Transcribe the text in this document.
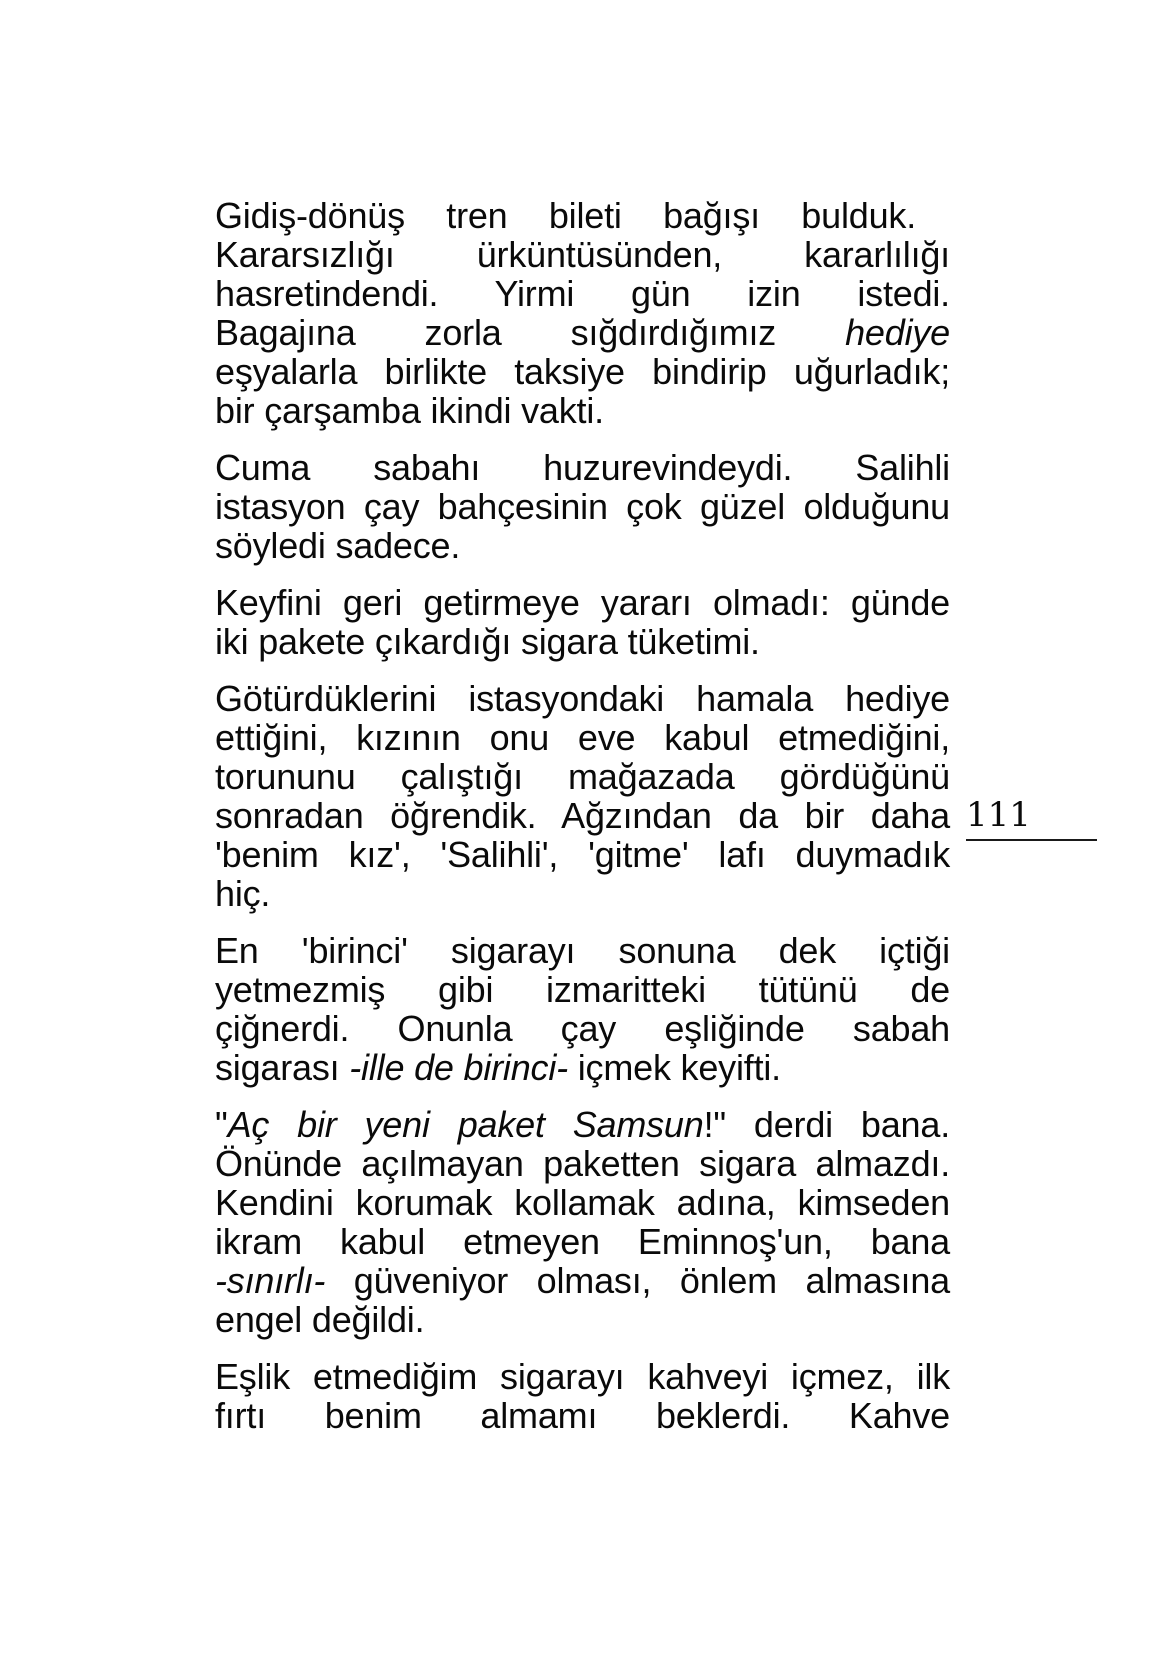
Gidiş-dönüş tren bileti bağışı bulduk.
Kararsızlığı ürküntüsünden, kararlılığı
hasretindendi. Yirmi gün izin istedi.
Bagajına zorla sığdırdığımız hediye
eşyalarla birlikte taksiye bindirip uğurladık;
bir çarşamba ikindi vakti.
Cuma sabahı huzurevindeydi. Salihli
istasyon çay bahçesinin çok güzel olduğunu
söyledi sadece.
Keyfini geri getirmeye yararı olmadı: günde
iki pakete çıkardığı sigara tüketimi.
Götürdüklerini istasyondaki hamala hediye
ettiğini, kızının onu eve kabul etmediğini,
torununu çalıştığı mağazada gördüğünü
sonradan öğrendik. Ağzından da bir daha
'benim kız', 'Salihli', 'gitme' lafı duymadık
hiç.
En 'birinci' sigarayı sonuna dek içtiği
yetmezmiş gibi izmaritteki tütünü de
çiğnerdi. Onunla çay eşliğinde sabah
sigarası -ille de birinci- içmek keyifti.
"Aç bir yeni paket Samsun!" derdi bana.
Önünde açılmayan paketten sigara almazdı.
Kendini korumak kollamak adına, kimseden
ikram kabul etmeyen Eminnoş'un, bana
-sınırlı- güveniyor olması, önlem almasına
engel değildi.
Eşlik etmediğim sigarayı kahveyi içmez, ilk
fırtı benim almamı beklerdi. Kahve
111
